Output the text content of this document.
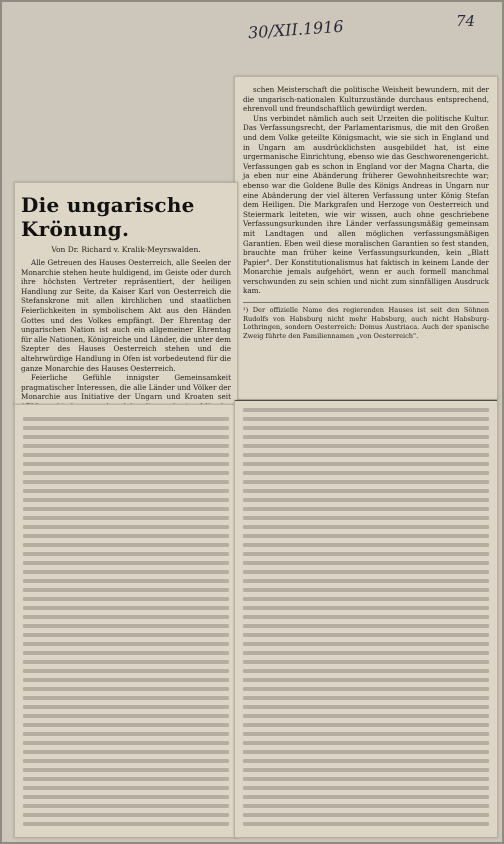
30/XII.1916	74

schen Meisterschaft die politische Weisheit bewundern, mit der die ungarisch-nationalen Kulturzustände durchaus entsprechend, ehrenvoll und freundschaftlich gewürdigt werden.

Uns verbindet nämlich auch seit Urzeiten die politische Kultur. Das Verfassungsrecht, der Parlamentarismus, die mit den Großen und dem Volke geteilte Königsmacht, wie sie sich in England und in Ungarn am ausdrücklichsten ausgebildet hat, ist eine urgermanische Einrichtung, ebenso wie das Geschworenengericht. Verfassungen gab es schon in England vor der Magna Charta, die ja eben nur eine Abänderung früherer Gewohnheitsrechte war; ebenso war die Goldene Bulle des Königs Andreas in Ungarn nur eine Abänderung der viel älteren Verfassung unter König Stefan dem Heiligen. Die Markgrafen und Herzoge von Oesterreich und Steiermark leiteten, wie wir wissen, auch ohne geschriebene Verfassungsurkunden ihre Länder verfassungsmäßig gemeinsam mit Landtagen und allen möglichen verfassungsmäßigen Garantien. Eben weil diese moralischen Garantien so fest standen, brauchte man früher keine Verfassungsurkunden, kein „Blatt Papier". Der Konstitutionalismus hat faktisch in keinem Lande der Monarchie jemals aufgehört, wenn er auch formell manchmal verschwunden zu sein schien und nicht zum sinnfälligen Ausdruck kam.

¹) Der offizielle Name des regierenden Hauses ist seit den Söhnen Rudolfs von Habsburg nicht mehr Habsburg, auch nicht Habsburg-Lothringen, sondern Oesterreich: Domus Austriaca. Auch der spanische Zweig führte den Familiennamen „von Oesterreich".
Die ungarische Krönung.
Von Dr. Richard v. Kralik-Meyrswalden.

Alle Getreuen des Hauses Oesterreich, alle Seelen der Monarchie stehen heute huldigend, im Geiste oder durch ihre höchsten Vertreter repräsentiert, der heiligen Handlung zur Seite, da Kaiser Karl von Oesterreich die Stefanskrone mit allen kirchlichen und staatlichen Feierlichkeiten in symbolischem Akt aus den Händen Gottes und des Volkes empfängt. Der Ehrentag der ungarischen Nation ist auch ein allgemeiner Ehrentag für alle Nationen, Königreiche und Länder, die unter dem Szepter des Hauses Oesterreich stehen und die altehrwürdige Handlung in Ofen ist vorbedeutend für die ganze Monarchie des Hauses Oesterreich.

Feierliche Gefühle innigster Gemeinsamkeit pragmatischer Interessen, die alle Länder und Völker der Monarchie aus Initiative der Ungarn und Kroaten seit
